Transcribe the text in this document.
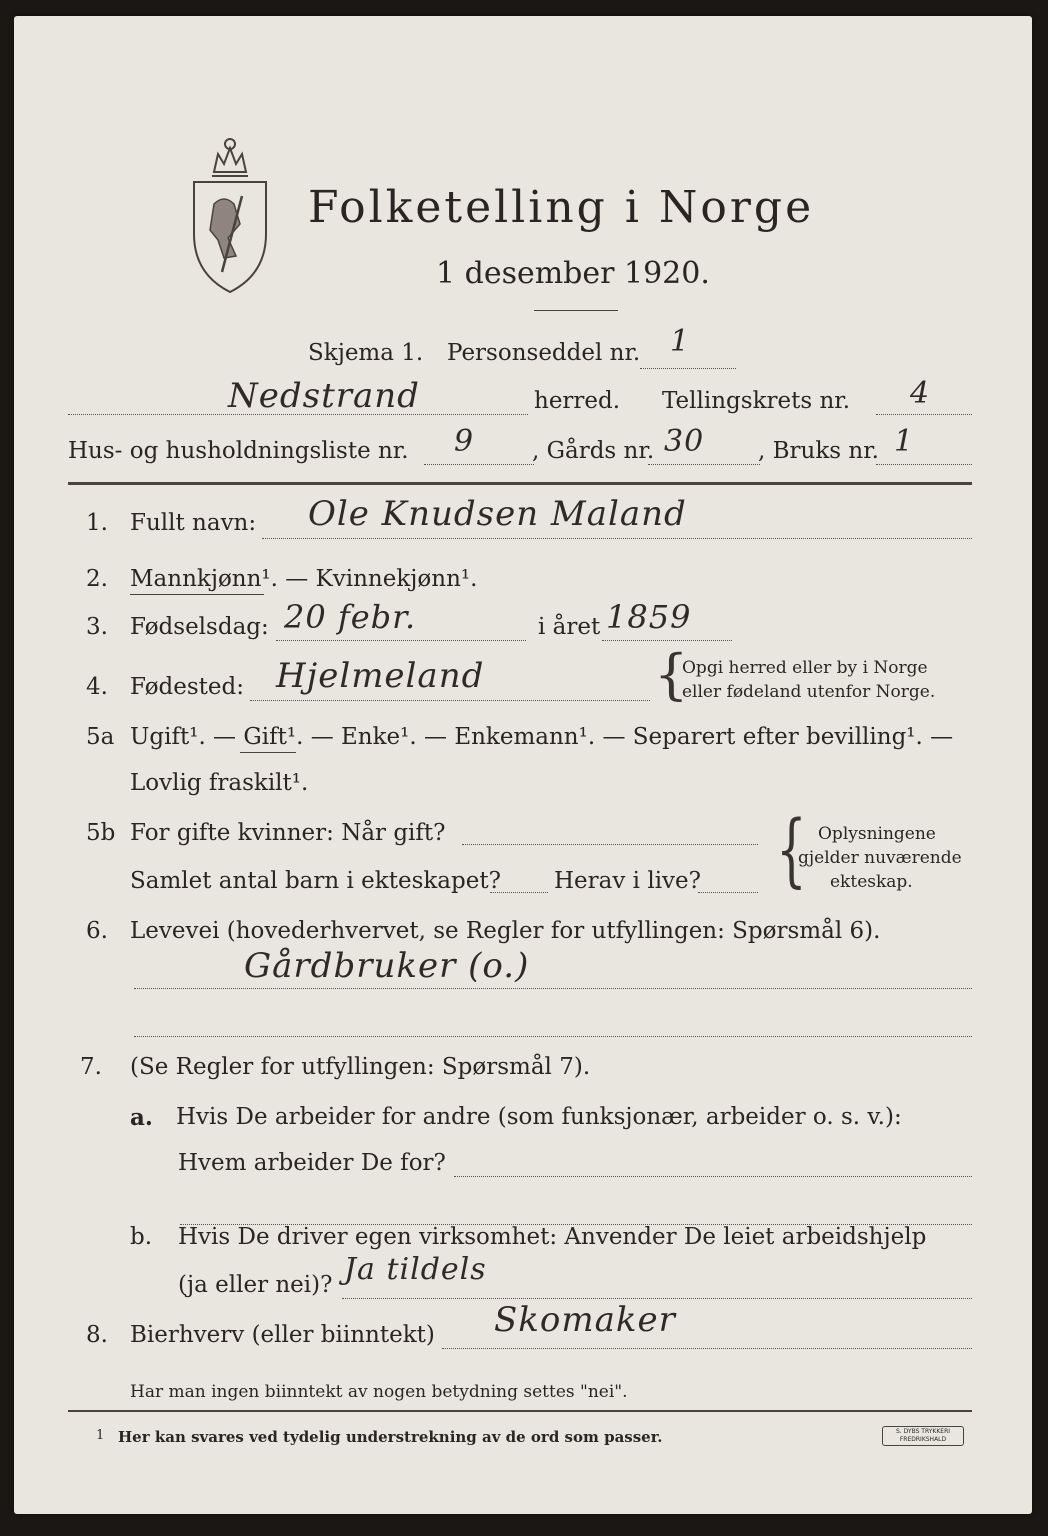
Folketelling i Norge
1 desember 1920.
Skjema 1. Personseddel nr. 1
Nedstrand	herred. Tellingskrets nr. 4
Hus- og husholdningsliste nr. 9	, Gårds nr. 30 , Bruks nr. 1
1. Fullt navn: Ole Knudsen Maland
2. Mannkjønn¹. — Kvinnekjønn¹.
3. Fødselsdag: 20 febr.	i året 1859
4. Fødested: Hjelmeland	{
Opgi herred eller by i Norge
eller fødeland utenfor Norge.
5a Ugift¹. — Gift¹. — Enke¹. — Enkemann¹. — Separert efter bevilling¹. —
Lovlig fraskilt¹.
5b For gifte kvinner: Når gift?
Samlet antal barn i ekteskapet? Herav i live? { Oplysningene
gjelder nuværende
ekteskap.
6. Levevei (hovederhvervet, se Regler for utfyllingen: Spørsmål 6).
Gårdbruker (o.)
7. (Se Regler for utfyllingen: Spørsmål 7).
a. Hvis De arbeider for andre (som funksjonær, arbeider o. s. v.):
Hvem arbeider De for?
b. Hvis De driver egen virksomhet: Anvender De leiet arbeidshjelp
(ja eller nei)? Ja tildels
8. Bierhverv (eller biinntekt) Skomaker
Har man ingen biinntekt av nogen betydning settes "nei".
1 Her kan svares ved tydelig understrekning av de ord som passer.	S. DYBS TRYKKERI FREDRIKSHALD
